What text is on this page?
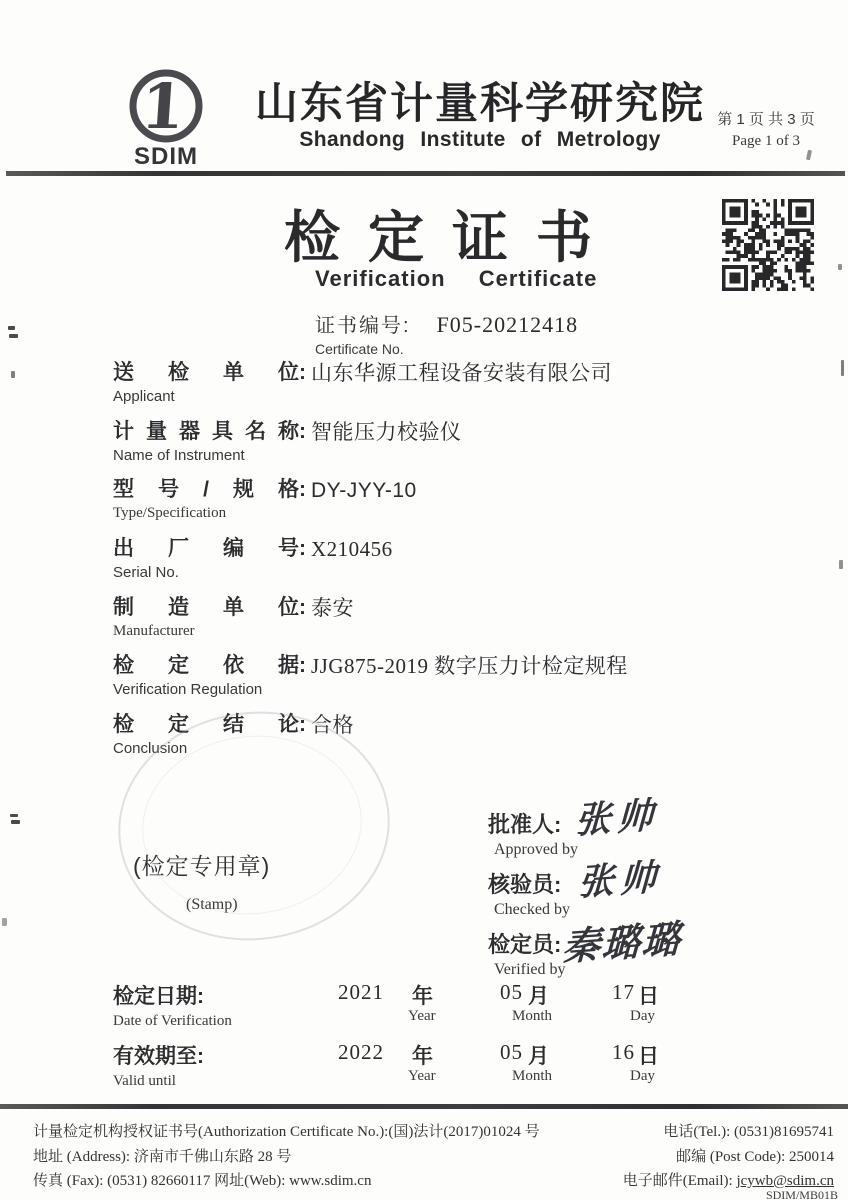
1
SDIM
山东省计量科学研究院
Shandong Institute of Metrology
第 1 页 共 3 页
Page 1 of 3
检定证书
Verification Certificate
证书编号: F05-20212418
Certificate No.
送检单位:
Applicant
山东华源工程设备安装有限公司
计量器具名称:
Name of Instrument
智能压力校验仪
型号/规格:
Type/Specification
DY-JYY-10
出厂编号:
Serial No.
X210456
制造单位:
Manufacturer
泰安
检定依据:
Verification Regulation
JJG875-2019 数字压力计检定规程
检定结论:
Conclusion
合格
(检定专用章)
(Stamp)
批准人:
Approved by
张帅
核验员:
Checked by
张帅
检定员:
Verified by
秦璐璐
检定日期:
Date of Verification
2021 年
Year
05 月
Month
17 日
Day
有效期至:
Valid until
2022 年
Year
05 月
Month
16 日
Day
计量检定机构授权证书号(Authorization Certificate No.):(国)法计(2017)01024 号
地址 (Address): 济南市千佛山东路 28 号
传真 (Fax): (0531) 82660117 网址(Web): www.sdim.cn
电话(Tel.): (0531)81695741
邮编 (Post Code): 250014
电子邮件(Email): jcywb@sdim.cn
SDIM/MB01B
